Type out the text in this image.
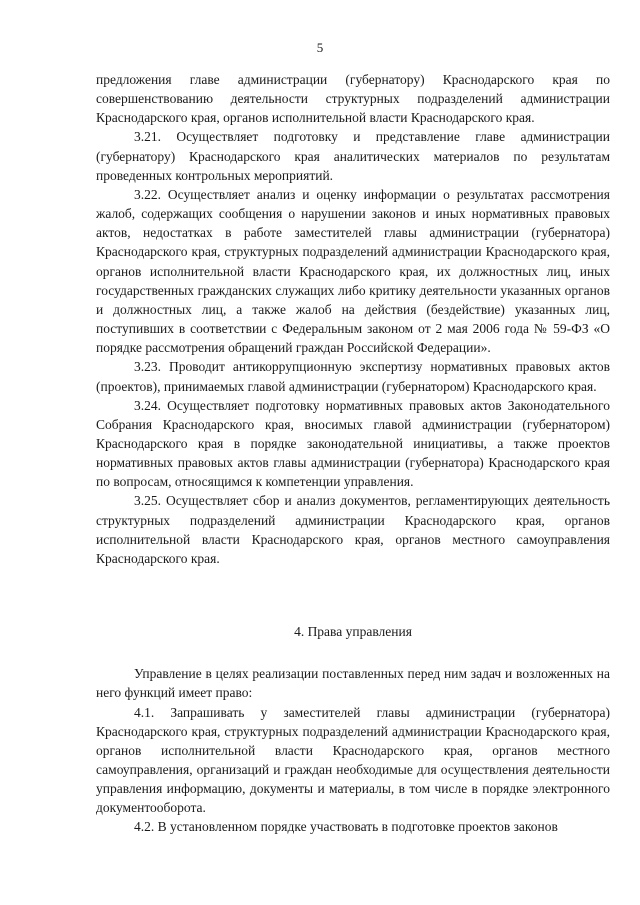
5

предложения главе администрации (губернатору) Краснодарского края по совершенствованию деятельности структурных подразделений администрации Краснодарского края, органов исполнительной власти Краснодарского края.

3.21. Осуществляет подготовку и представление главе администрации (губернатору) Краснодарского края аналитических материалов по результатам проведенных контрольных мероприятий.

3.22. Осуществляет анализ и оценку информации о результатах рассмотрения жалоб, содержащих сообщения о нарушении законов и иных нормативных правовых актов, недостатках в работе заместителей главы администрации (губернатора) Краснодарского края, структурных подразделений администрации Краснодарского края, органов исполнительной власти Краснодарского края, их должностных лиц, иных государственных гражданских служащих либо критику деятельности указанных органов и должностных лиц, а также жалоб на действия (бездействие) указанных лиц, поступивших в соответствии с Федеральным законом от 2 мая 2006 года № 59-ФЗ «О порядке рассмотрения обращений граждан Российской Федерации».

3.23. Проводит антикоррупционную экспертизу нормативных правовых актов (проектов), принимаемых главой администрации (губернатором) Краснодарского края.

3.24. Осуществляет подготовку нормативных правовых актов Законодательного Собрания Краснодарского края, вносимых главой администрации (губернатором) Краснодарского края в порядке законодательной инициативы, а также проектов нормативных правовых актов главы администрации (губернатора) Краснодарского края по вопросам, относящимся к компетенции управления.

3.25. Осуществляет сбор и анализ документов, регламентирующих деятельность структурных подразделений администрации Краснодарского края, органов исполнительной власти Краснодарского края, органов местного самоуправления Краснодарского края.

4. Права управления

Управление в целях реализации поставленных перед ним задач и возложенных на него функций имеет право:

4.1. Запрашивать у заместителей главы администрации (губернатора) Краснодарского края, структурных подразделений администрации Краснодарского края, органов исполнительной власти Краснодарского края, органов местного самоуправления, организаций и граждан необходимые для осуществления деятельности управления информацию, документы и материалы, в том числе в порядке электронного документооборота.

4.2. В установленном порядке участвовать в подготовке проектов законов
